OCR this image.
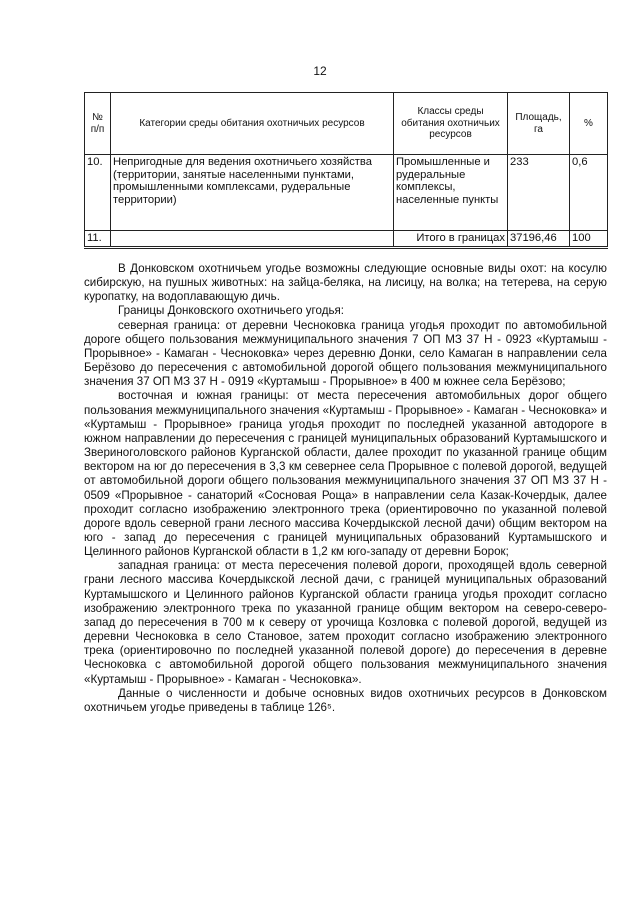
12
№ п/п	Категории среды обитания охотничьих ресурсов	Классы среды обитания охотничьих ресурсов	Площадь, га	%
10.	Непригодные для ведения охотничьего хозяйства (территории, занятые населенными пунктами, промышленными комплексами, рудеральные территории)	Промышленные и рудеральные комплексы, населенные пункты	233	0,6
11.		Итого в границах	37196,46	100

В Донковском охотничьем угодье возможны следующие основные виды охот: на косулю сибирскую, на пушных животных: на зайца-беляка, на лисицу, на волка; на тетерева, на серую куропатку, на водоплавающую дичь.

Границы Донковского охотничьего угодья:

северная граница: от деревни Чесноковка граница угодья проходит по автомобильной дороге общего пользования межмуниципального значения 7 ОП МЗ 37 Н - 0923 «Куртамыш - Прорывное» - Камаган - Чесноковка» через деревню Донки, село Камаган в направлении села Берёзово до пересечения с автомобильной дорогой общего пользования межмуниципального значения 37 ОП МЗ 37 Н - 0919 «Куртамыш - Прорывное» в 400 м южнее села Берёзово;

восточная и южная границы: от места пересечения автомобильных дорог общего пользования межмуниципального значения «Куртамыш - Прорывное» - Камаган - Чесноковка» и «Куртамыш - Прорывное» граница угодья проходит по последней указанной автодороге в южном направлении до пересечения с границей муниципальных образований Куртамышского и Звериноголовского районов Курганской области, далее проходит по указанной границе общим вектором на юг до пересечения в 3,3 км севернее села Прорывное с полевой дорогой, ведущей от автомобильной дороги общего пользования межмуниципального значения 37 ОП МЗ 37 Н - 0509 «Прорывное - санаторий «Сосновая Роща» в направлении села Казак-Кочердык, далее проходит согласно изображению электронного трека (ориентировочно по указанной полевой дороге вдоль северной грани лесного массива Кочердыкской лесной дачи) общим вектором на юго - запад до пересечения с границей муниципальных образований Куртамышского и Целинного районов Курганской области в 1,2 км юго-западу от деревни Борок;

западная граница: от места пересечения полевой дороги, проходящей вдоль северной грани лесного массива Кочердыкской лесной дачи, с границей муниципальных образований Куртамышского и Целинного районов Курганской области граница угодья проходит согласно изображению электронного трека по указанной границе общим вектором на северо-северо-запад до пересечения в 700 м к северу от урочища Козловка с полевой дорогой, ведущей из деревни Чесноковка в село Становое, затем проходит согласно изображению электронного трека (ориентировочно по последней указанной полевой дороге) до пересечения в деревне Чесноковка с автомобильной дорогой общего пользования межмуниципального значения «Куртамыш - Прорывное» - Камаган - Чесноковка».

Данные о численности и добыче основных видов охотничьих ресурсов в Донковском охотничьем угодье приведены в таблице 126⁵.
